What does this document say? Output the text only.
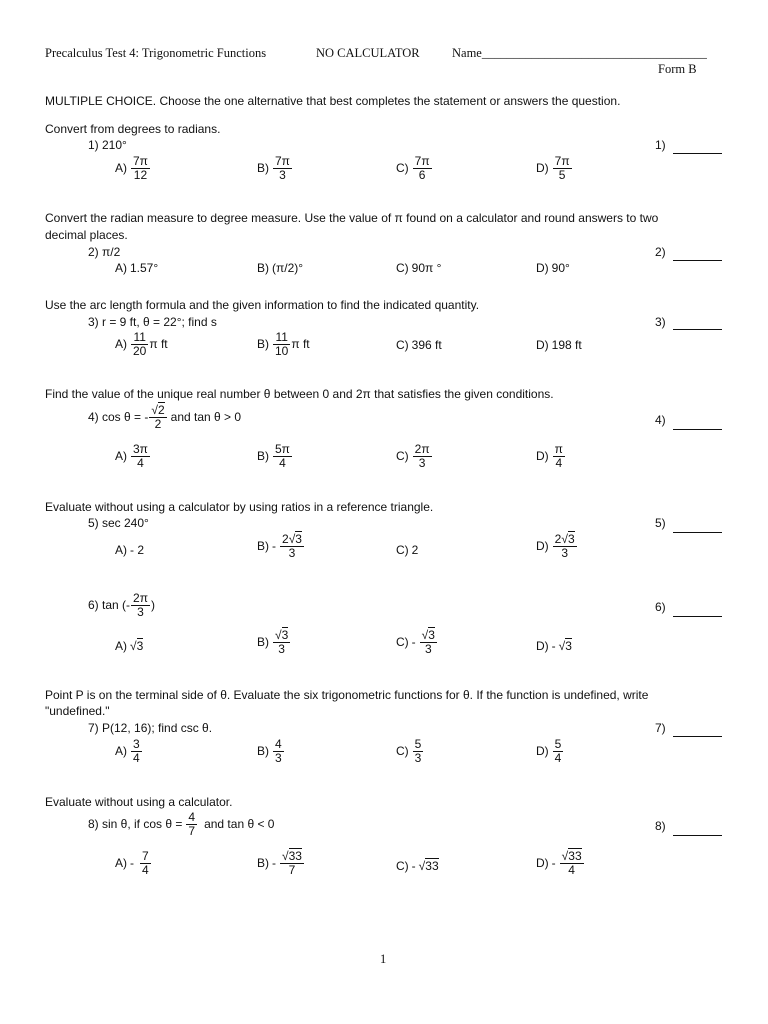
Precalculus Test 4: Trigonometric Functions	NO CALCULATOR	Name____________________________________
Form B
MULTIPLE CHOICE. Choose the one alternative that best completes the statement or answers the question.
Convert from degrees to radians.
1) 210°	1)
$A) \frac{7\pi}{12}$	$B) \frac{7\pi}{3}$	$C) \frac{7\pi}{6}$	$D) \frac{7\pi}{5}$
Convert the radian measure to degree measure. Use the value of π found on a calculator and round answers to two
decimal places.
2) π/2	2)
A) 1.57°	B) (π/2)°	C) 90π °	D) 90°
Use the arc length formula and the given information to find the indicated quantity.
3) r = 9 ft, θ = 22°; find s	3)
$A) \frac{11}{20}$ π ft	$B) \frac{11}{10}$ π ft	C) 396 ft	D) 198 ft
Find the value of the unique real number θ between 0 and 2π that satisfies the given conditions.
4) cos θ = - $\frac{√2}{2}$ and tan θ > 0	4)
$A) \frac{3\pi}{4}$	$B) \frac{5\pi}{4}$	$C) \frac{2\pi}{3}$	$D) \frac{\pi}{4}$
Evaluate without using a calculator by using ratios in a reference triangle.
5) sec 240°	5)
A) - 2	$B) - \frac{2√3}{3}$	C) 2	$D) \frac{2√3}{3}$
6) tan (- $\frac{2\pi}{3}$ )	6)
A) √ 3	$B) \frac{√3}{3}$	$C) - \frac{√3}{3}$	D) - √ 3
Point P is on the terminal side of θ. Evaluate the six trigonometric functions for θ. If the function is undefined, write
"undefined."
7) P(12, 16); find csc θ.	7)
$A) \frac{3}{4}$	$B) \frac{4}{3}$	$C) \frac{5}{3}$	$D) \frac{5}{4}$
Evaluate without using a calculator.
8) sin θ, if $\cos \theta = \frac{4}{7}$ and tan θ < 0	8)
$A) - \frac{7}{4}$	$B) - \frac{√33}{7}$	C) - √ 33	$D) - \frac{√33}{4}$
1
